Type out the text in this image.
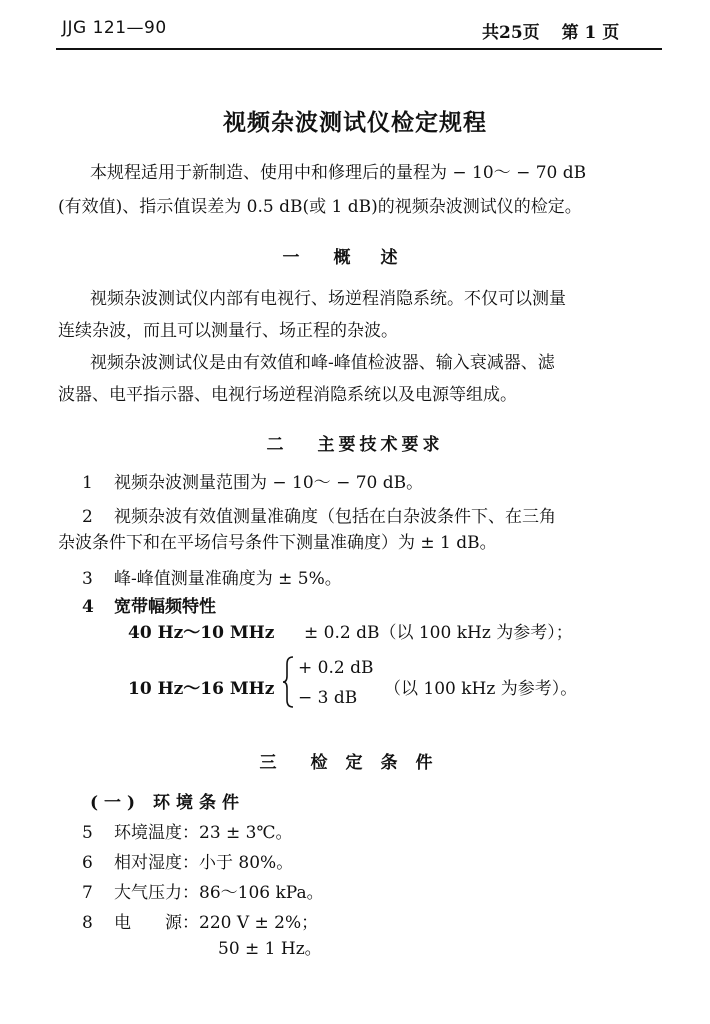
JJG 121—90	共25页 第 1 页
视频杂波测试仪检定规程
本规程适用于新制造、使用中和修理后的量程为 − 10～ − 70 dB
(有效值)、指示值误差为 0.5 dB(或 1 dB)的视频杂波测试仪的检定。
一 概述
视频杂波测试仪内部有电视行、场逆程消隐系统。不仅可以测量
连续杂波，而且可以测量行、场正程的杂波。
视频杂波测试仪是由有效值和峰-峰值检波器、输入衰减器、滤
波器、电平指示器、电视行场逆程消隐系统以及电源等组成。
二 主要技术要求
1 视频杂波测量范围为 − 10～ − 70 dB。
2 视频杂波有效值测量准确度（包括在白杂波条件下、在三角
杂波条件下和在平场信号条件下测量准确度）为 ± 1 dB。
3 峰-峰值测量准确度为 ± 5%。
4 宽带幅频特性
40 Hz～10 MHz ± 0.2 dB（以 100 kHz 为参考）；
10 Hz～16 MHz
+ 0.2 dB
− 3 dB （以 100 kHz 为参考）。
三 检定条件
(一) 环境条件
5 环境温度：23 ± 3℃。
6 相对湿度：小于 80%。
7 大气压力：86～106 kPa。
8 电　　源：220 V ± 2%；
50 ± 1 Hz。
